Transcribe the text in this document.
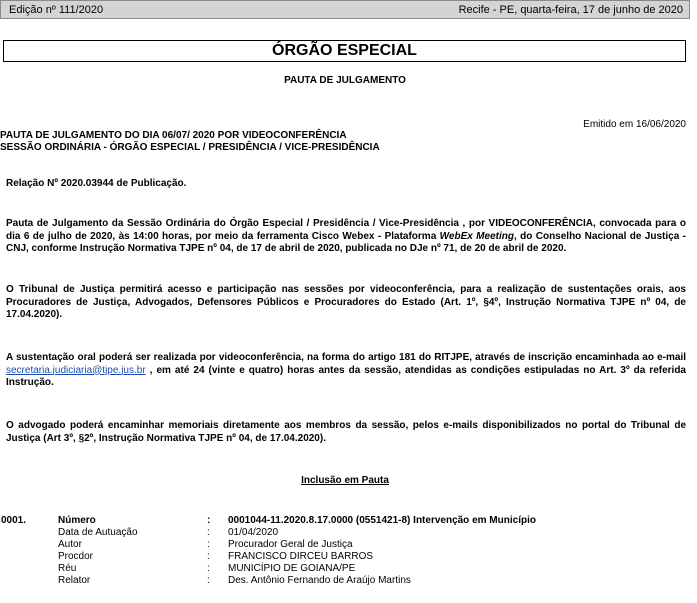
Edição nº 111/2020	Recife - PE, quarta-feira, 17 de junho de 2020
ÓRGÃO ESPECIAL
PAUTA DE JULGAMENTO
Emitido em 16/06/2020
PAUTA DE JULGAMENTO DO DIA 06/07/ 2020 POR VIDEOCONFERÊNCIA
SESSÃO ORDINÁRIA - ÓRGÃO ESPECIAL / PRESIDÊNCIA / VICE-PRESIDÊNCIA
Relação Nº 2020.03944 de Publicação.
Pauta de Julgamento da Sessão Ordinária do Órgão Especial / Presidência / Vice-Presidência , por VIDEOCONFERÊNCIA, convocada para o dia 6 de julho de 2020, às 14:00 horas, por meio da ferramenta Cisco Webex - Plataforma WebEx Meeting, do Conselho Nacional de Justiça - CNJ, conforme Instrução Normativa TJPE nº 04, de 17 de abril de 2020, publicada no DJe nº 71, de 20 de abril de 2020.
O Tribunal de Justiça permitirá acesso e participação nas sessões por videoconferência, para a realização de sustentações orais, aos Procuradores de Justiça, Advogados, Defensores Públicos e Procuradores do Estado (Art. 1º, §4º, Instrução Normativa TJPE nº 04, de 17.04.2020).
A sustentação oral poderá ser realizada por videoconferência, na forma do artigo 181 do RITJPE, através de inscrição encaminhada ao e-mail secretaria.judiciaria@tjpe.jus.br , em até 24 (vinte e quatro) horas antes da sessão, atendidas as condições estipuladas no Art. 3º da referida Instrução.
O advogado poderá encaminhar memoriais diretamente aos membros da sessão, pelos e-mails disponibilizados no portal do Tribunal de Justiça (Art 3º, §2º, Instrução Normativa TJPE nº 04, de 17.04.2020).
Inclusão em Pauta
0001.	Número	: 0001044-11.2020.8.17.0000 (0551421-8) Intervenção em Município
Data de Autuação	: 01/04/2020
Autor	: Procurador Geral de Justiça
Procdor	: FRANCISCO DIRCEU BARROS
Réu	: MUNICÍPIO DE GOIANA/PE
Relator	: Des. Antônio Fernando de Araújo Martins
